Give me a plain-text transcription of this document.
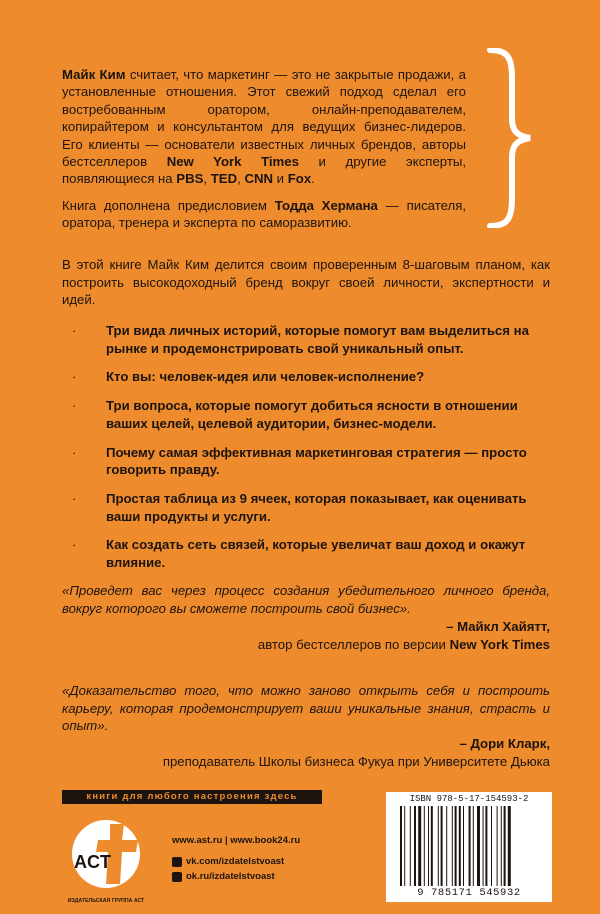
Майк Ким считает, что маркетинг — это не закрытые продажи, а установленные отношения. Этот свежий подход сделал его востребованным оратором, онлайн-преподавателем, копирайтером и консультантом для ведущих бизнес-лидеров. Его клиенты — основатели известных личных брендов, авторы бестселлеров New York Times и другие эксперты, появляющиеся на PBS, TED, CNN и Fox.

Книга дополнена предисловием Тодда Хермана — писателя, оратора, тренера и эксперта по саморазвитию.

В этой книге Майк Ким делится своим проверенным 8-шаговым планом, как построить высокодоходный бренд вокруг своей личности, экспертности и идей.
· Три вида личных историй, которые помогут вам выделиться на рынке и продемонстрировать свой уникальный опыт.
· Кто вы: человек-идея или человек-исполнение?
· Три вопроса, которые помогут добиться ясности в отношении ваших целей, целевой аудитории, бизнес-модели.
· Почему самая эффективная маркетинговая стратегия — просто говорить правду.
· Простая таблица из 9 ячеек, которая показывает, как оценивать ваши продукты и услуги.
· Как создать сеть связей, которые увеличат ваш доход и окажут влияние.
«Проведет вас через процесс создания убедительного личного бренда, вокруг которого вы сможете построить свой бизнес».
– Майкл Хайятт,
автор бестселлеров по версии New York Times
«Доказательство того, что можно заново открыть себя и построить карьеру, которая продемонстрирует ваши уникальные знания, страсть и опыт».
– Дори Кларк,
преподаватель Школы бизнеса Фукуа при Университете Дьюка
книги для любого настроения здесь
ACT
ИЗДАТЕЛЬСКАЯ ГРУППА АСТ
www.ast.ru | www.book24.ru
vk.com/izdatelstvoast
ok.ru/izdatelstvoast
ISBN 978-5-17-154593-2
9 785171 545932
